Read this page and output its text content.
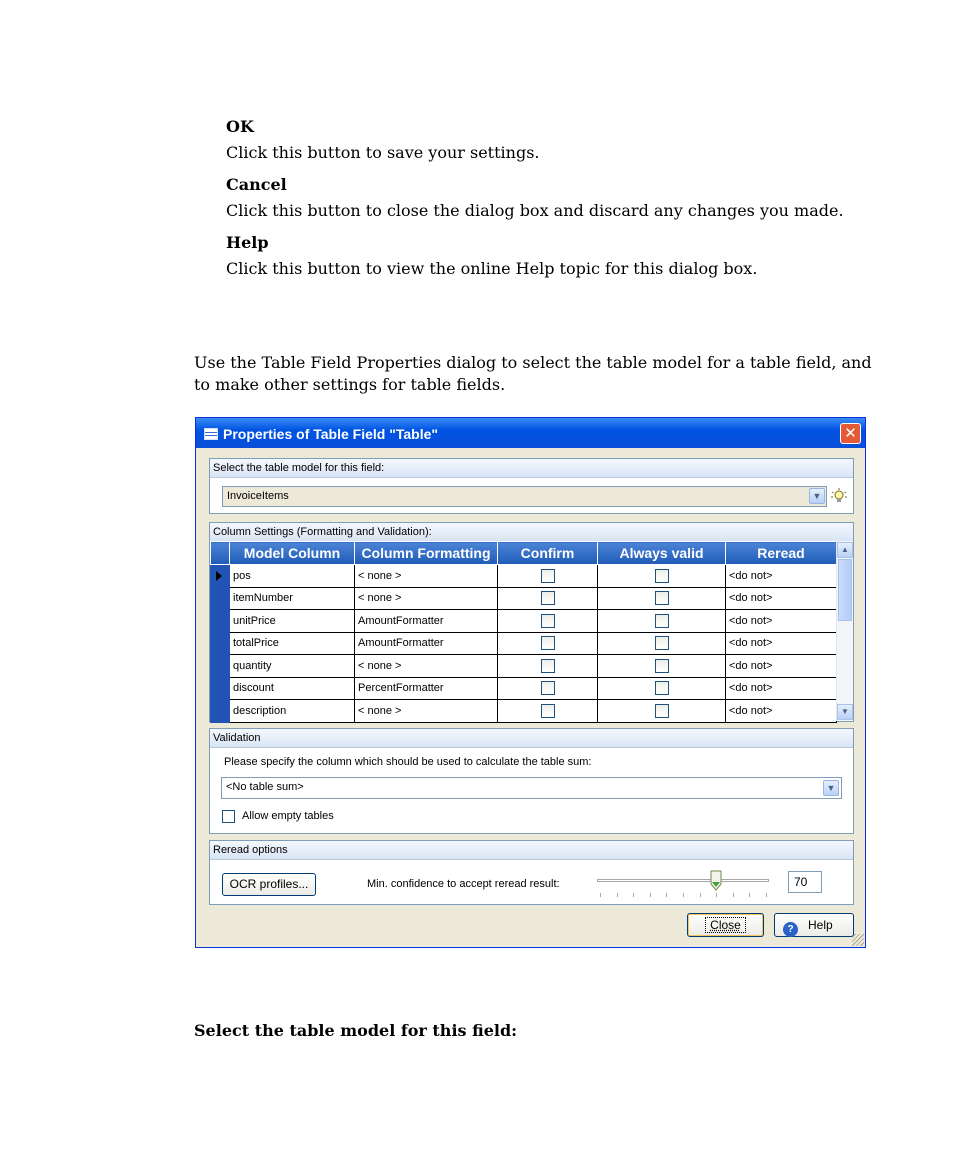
OK
Click this button to save your settings.
Cancel
Click this button to close the dialog box and discard any changes you made.
Help
Click this button to view the online Help topic for this dialog box.
Use the Table Field Properties dialog to select the table model for a table field, and to make other settings for table fields.
Properties of Table Field "Table"	✕
Select the table model for this field:
InvoiceItems	▼
Column Settings (Formatting and Validation):
	Model Column	Column Formatting	Confirm	Always valid	Reread

	pos	< none >			<do not>
	itemNumber	< none >			<do not>
	unitPrice	AmountFormatter			<do not>
	totalPrice	AmountFormatter			<do not>
	quantity	< none >			<do not>
	discount	PercentFormatter			<do not>
	description	< none >			<do not>
▲
▼
Validation
Please specify the column which should be used to calculate the table sum:
<No table sum>	▼
Allow empty tables
Reread options
OCR profiles...	Min. confidence to accept reread result:	70
Close	? Help
Select the table model for this field:
